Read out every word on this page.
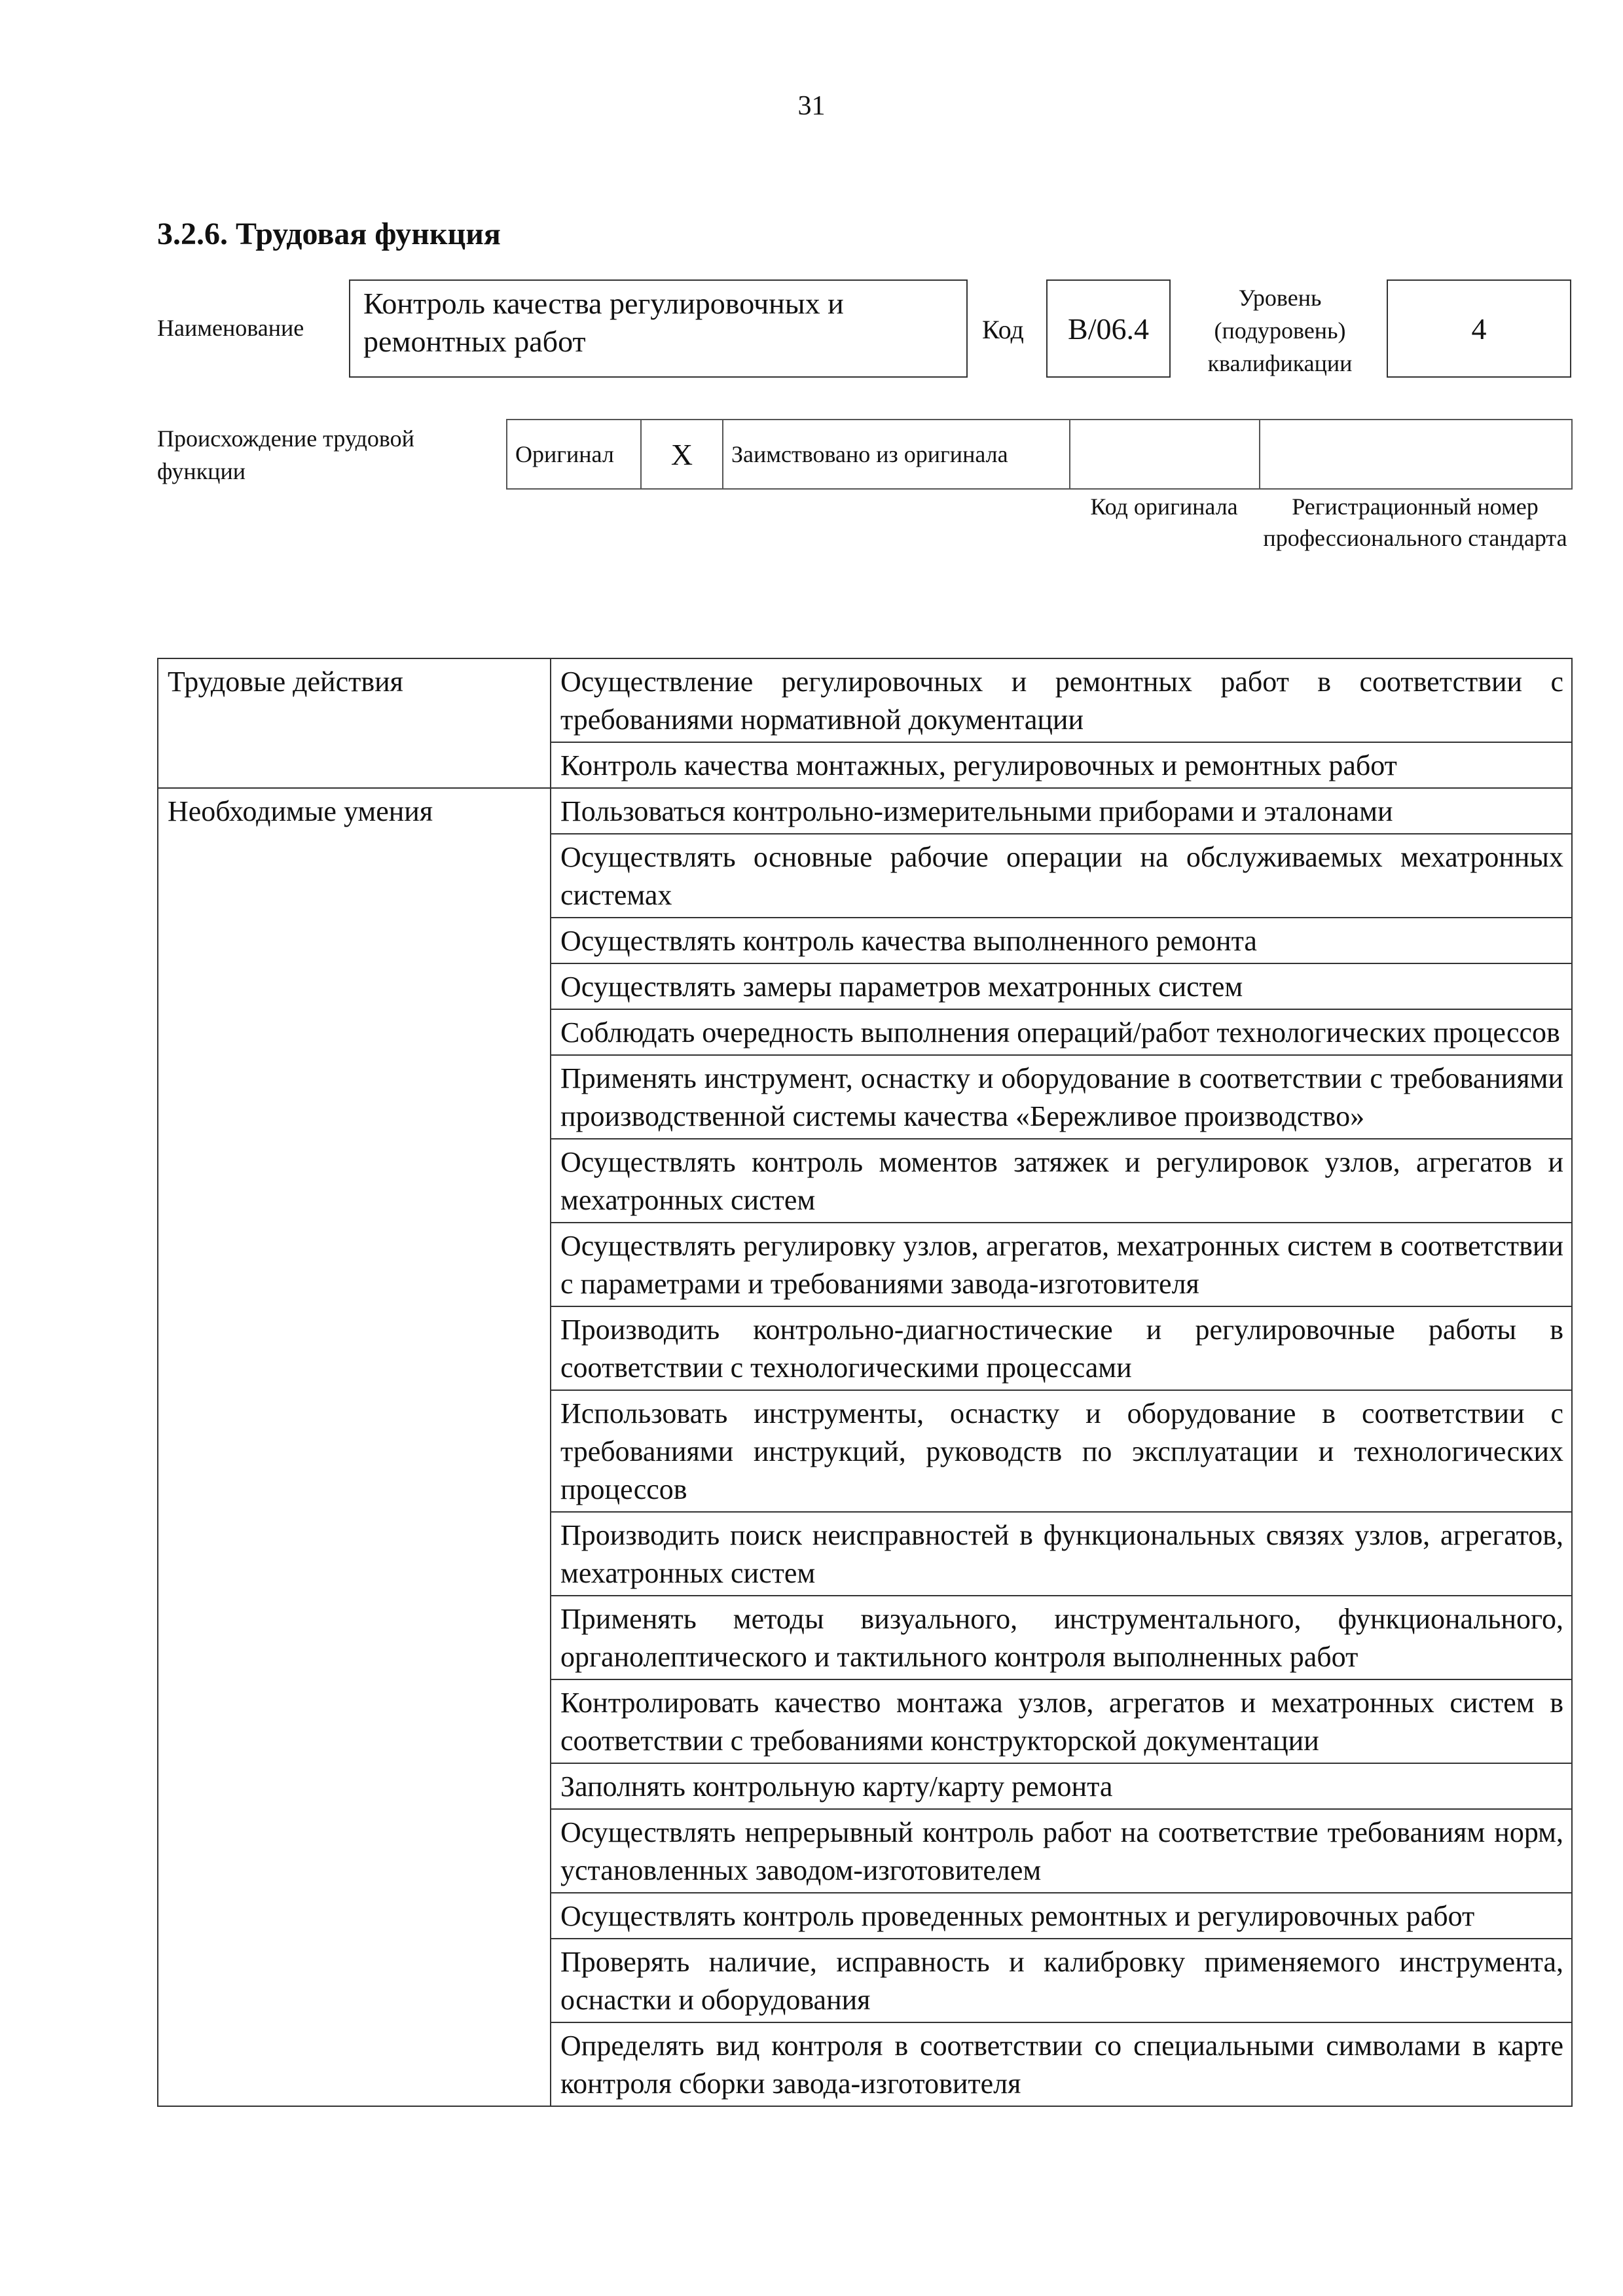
31
3.2.6. Трудовая функция
Наименование
Контроль качества регулировочных и ремонтных работ	Код	B/06.4
Уровень (подуровень) квалификации
4
Происхождение трудовой функции
Оригинал	X	Заимствовано из оригинала		
Код оригинала	Регистрационный номер профессионального стандарта
Трудовые действия	Осуществление регулировочных и ремонтных работ в соответствии с требованиями нормативной документации
	Контроль качества монтажных, регулировочных и ремонтных работ
Необходимые умения	Пользоваться контрольно-измерительными приборами и эталонами
	Осуществлять основные рабочие операции на обслуживаемых мехатронных системах
	Осуществлять контроль качества выполненного ремонта
	Осуществлять замеры параметров мехатронных систем
	Соблюдать очередность выполнения операций/работ технологических процессов
	Применять инструмент, оснастку и оборудование в соответствии с требованиями производственной системы качества «Бережливое производство»
	Осуществлять контроль моментов затяжек и регулировок узлов, агрегатов и мехатронных систем
	Осуществлять регулировку узлов, агрегатов, мехатронных систем в соответствии с параметрами и требованиями завода-изготовителя
	Производить контрольно-диагностические и регулировочные работы в соответствии с технологическими процессами
	Использовать инструменты, оснастку и оборудование в соответствии с требованиями инструкций, руководств по эксплуатации и технологических процессов
	Производить поиск неисправностей в функциональных связях узлов, агрегатов, мехатронных систем
	Применять методы визуального, инструментального, функционального, органолептического и тактильного контроля выполненных работ
	Контролировать качество монтажа узлов, агрегатов и мехатронных систем в соответствии с требованиями конструкторской документации
	Заполнять контрольную карту/карту ремонта
	Осуществлять непрерывный контроль работ на соответствие требованиям норм, установленных заводом-изготовителем
	Осуществлять контроль проведенных ремонтных и регулировочных работ
	Проверять наличие, исправность и калибровку применяемого инструмента, оснастки и оборудования
	Определять вид контроля в соответствии со специальными символами в карте контроля сборки завода-изготовителя
